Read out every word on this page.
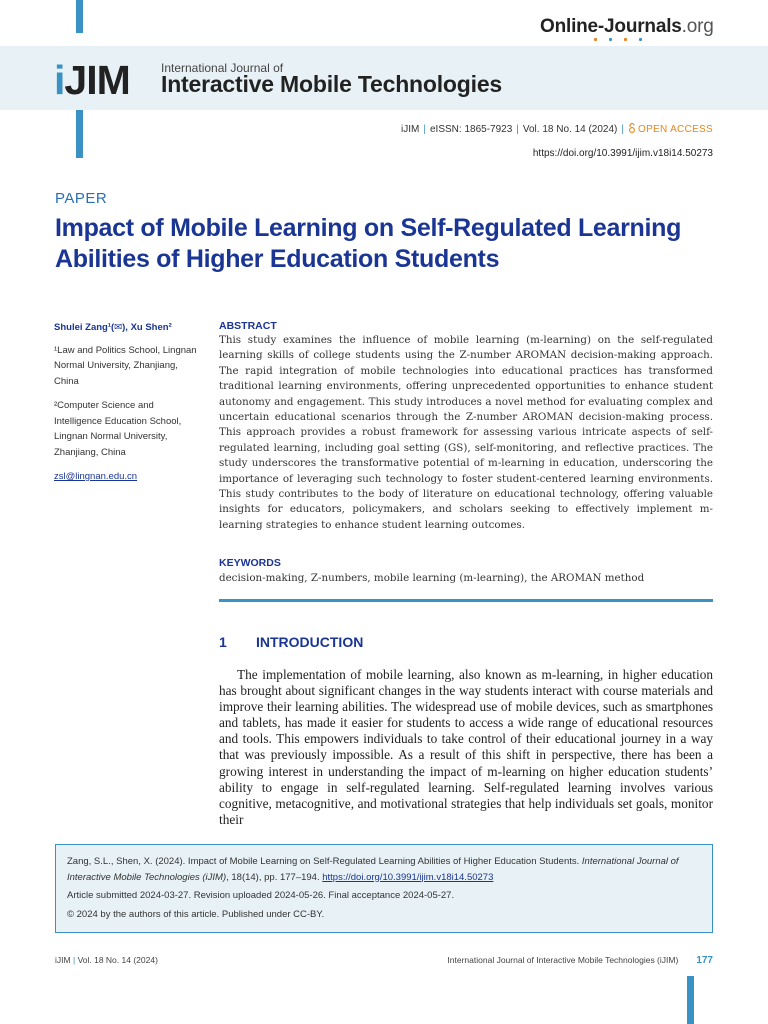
Online-Journals.org
iJIM	International Journal of
Interactive Mobile Technologies
iJIM | eISSN: 1865-7923 | Vol. 18 No. 14 (2024) | OPEN ACCESS
https://doi.org/10.3991/ijim.v18i14.50273
PAPER
Impact of Mobile Learning on Self-Regulated Learning Abilities of Higher Education Students
Shulei Zang¹(✉), Xu Shen²
¹Law and Politics School, Lingnan Normal University, Zhanjiang, China
²Computer Science and Intelligence Education School, Lingnan Normal University, Zhanjiang, China
zsl@lingnan.edu.cn
ABSTRACT
This study examines the influence of mobile learning (m-learning) on the self-regulated learning skills of college students using the Z-number AROMAN decision-making approach. The rapid integration of mobile technologies into educational practices has transformed traditional learning environments, offering unprecedented opportunities to enhance student autonomy and engagement. This study introduces a novel method for evaluating complex and uncertain educational scenarios through the Z-number AROMAN decision-making process. This approach provides a robust framework for assessing various intricate aspects of self-regulated learning, including goal setting (GS), self-monitoring, and reflective practices. The study underscores the transformative potential of m-learning in education, underscoring the importance of leveraging such technology to foster student-centered learning environments. This study contributes to the body of literature on educational technology, offering valuable insights for educators, policymakers, and scholars seeking to effectively implement m-learning strategies to enhance student learning outcomes.
KEYWORDS
decision-making, Z-numbers, mobile learning (m-learning), the AROMAN method
1 INTRODUCTION
The implementation of mobile learning, also known as m-learning, in higher education has brought about significant changes in the way students interact with course materials and improve their learning abilities. The widespread use of mobile devices, such as smartphones and tablets, has made it easier for students to access a wide range of educational resources and tools. This empowers individuals to take control of their educational journey in a way that was previously impossible. As a result of this shift in perspective, there has been a growing interest in understanding the impact of m-learning on higher education students’ ability to engage in self-regulated learning. Self-regulated learning involves various cognitive, metacognitive, and motivational strategies that help individuals set goals, monitor their

Zang, S.L., Shen, X. (2024). Impact of Mobile Learning on Self-Regulated Learning Abilities of Higher Education Students. International Journal of Interactive Mobile Technologies (iJIM), 18(14), pp. 177–194. https://doi.org/10.3991/ijim.v18i14.50273

Article submitted 2024-03-27. Revision uploaded 2024-05-26. Final acceptance 2024-05-27.

© 2024 by the authors of this article. Published under CC-BY.

iJIM | Vol. 18 No. 14 (2024)	International Journal of Interactive Mobile Technologies (iJIM) 177
